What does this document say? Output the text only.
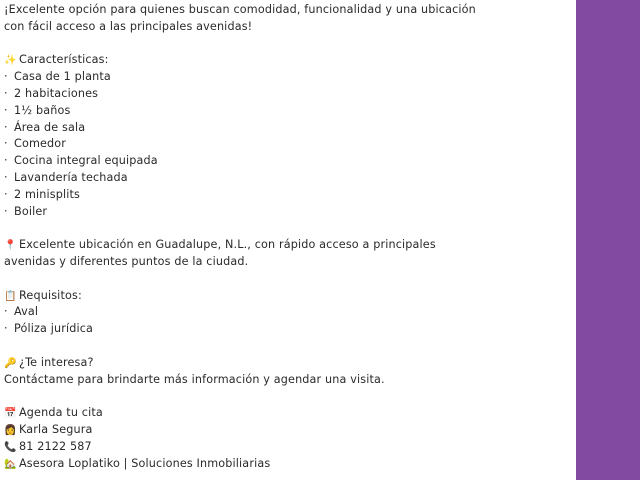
¡Excelente opción para quienes buscan comodidad, funcionalidad y una ubicación
con fácil acceso a las principales avenidas!
✨ Características:
· Casa de 1 planta
· 2 habitaciones
· 1½ baños
· Área de sala
· Comedor
· Cocina integral equipada
· Lavandería techada
· 2 minisplits
· Boiler
📍 Excelente ubicación en Guadalupe, N.L., con rápido acceso a principales
avenidas y diferentes puntos de la ciudad.
📋 Requisitos:
· Aval
· Póliza jurídica
🔑 ¿Te interesa?
Contáctame para brindarte más información y agendar una visita.
📅 Agenda tu cita
👩 Karla Segura
📞 81 2122 587
🏡 Asesora Loplatiko | Soluciones Inmobiliarias
